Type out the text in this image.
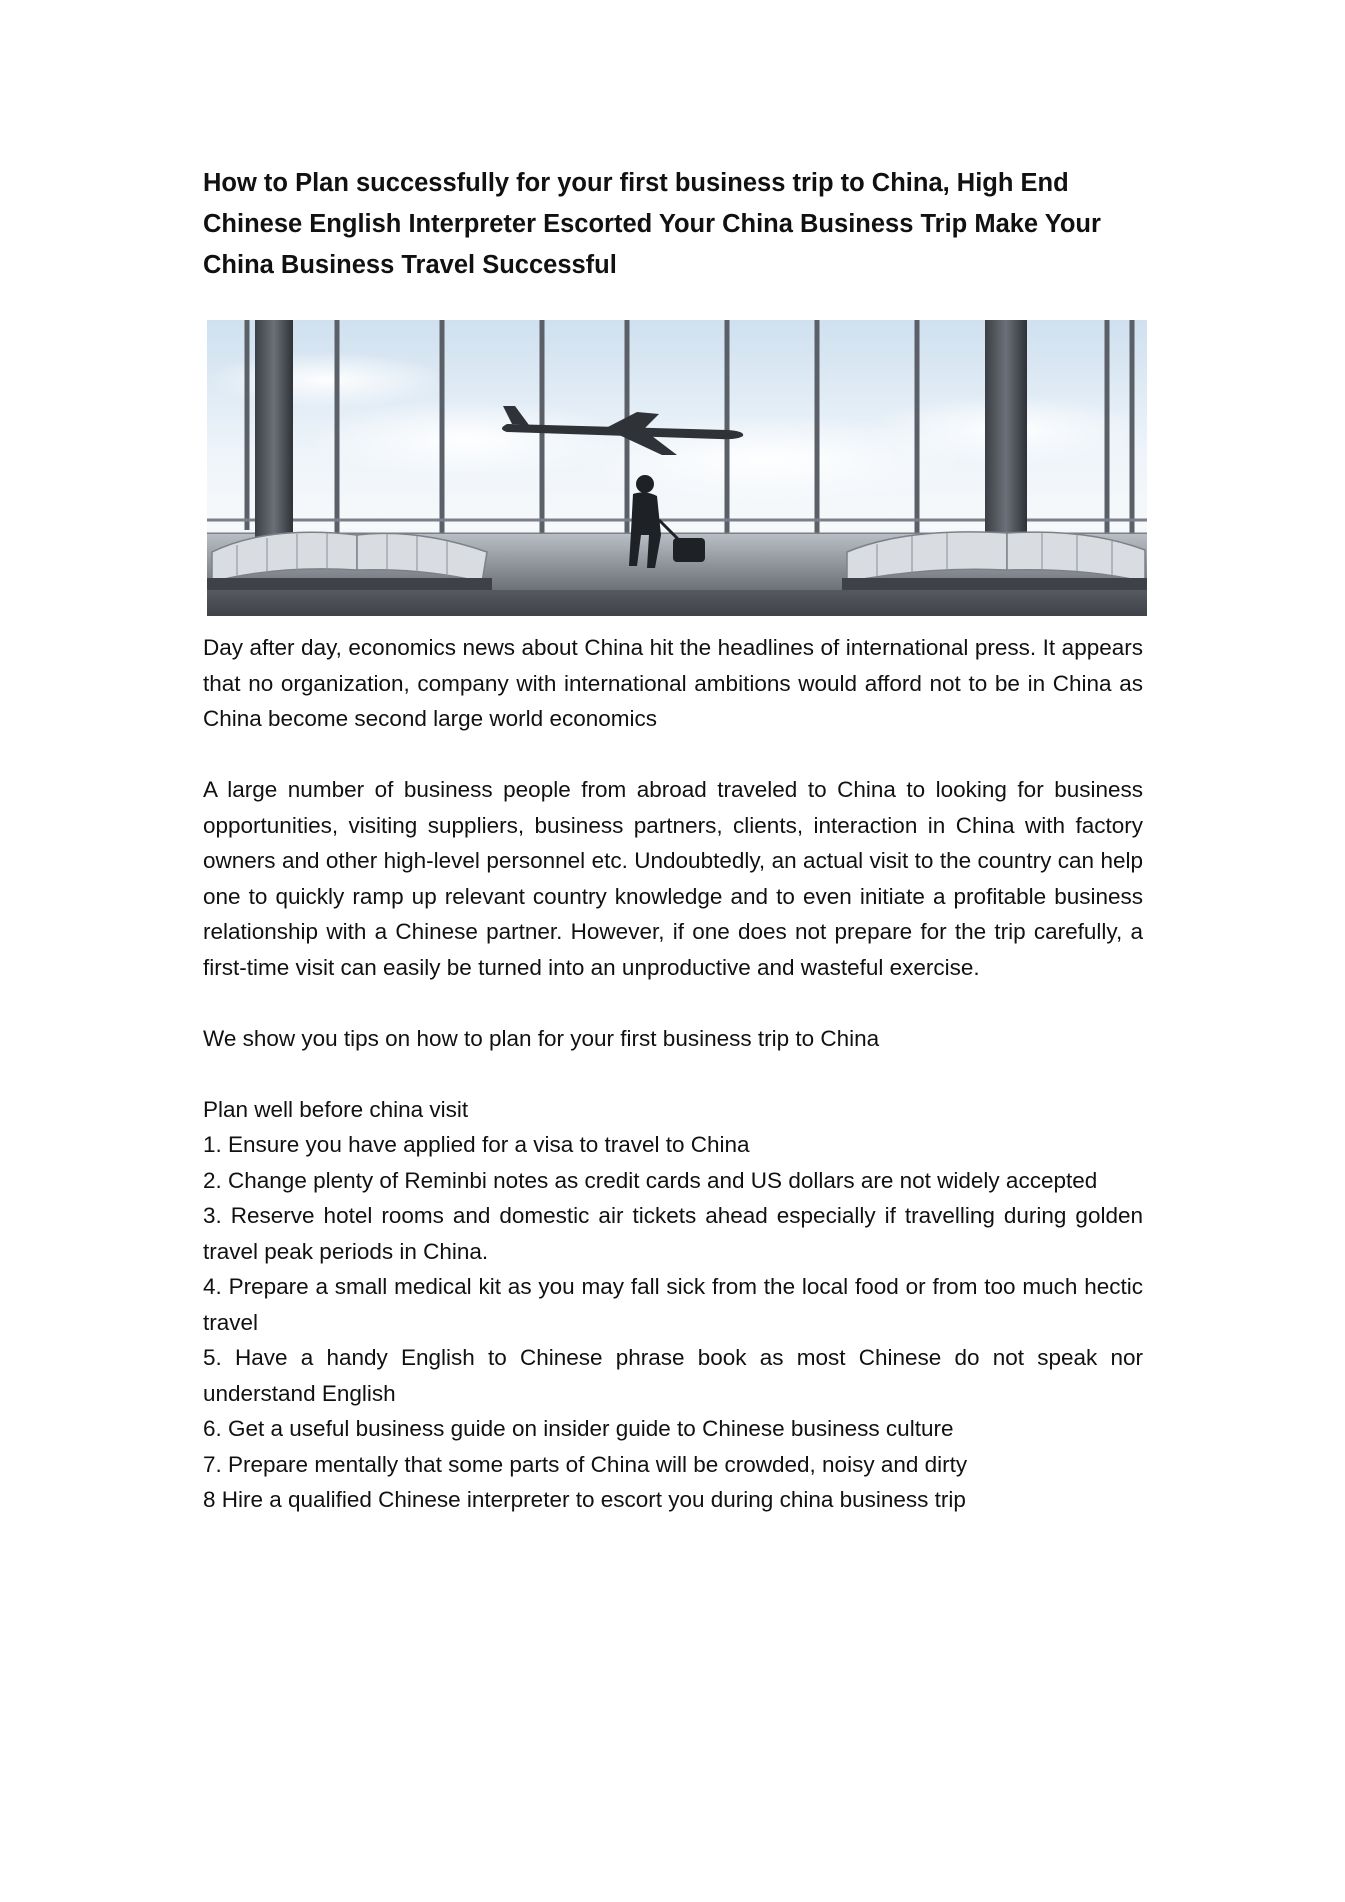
How to Plan successfully for your first business trip to China, High End Chinese English Interpreter Escorted Your China Business Trip Make Your China Business Travel Successful

Day after day, economics news about China hit the headlines of international press. It appears that no organization, company with international ambitions would afford not to be in China as China become second large world economics

A large number of business people from abroad traveled to China to looking for business opportunities, visiting suppliers, business partners, clients, interaction in China with factory owners and other high-level personnel etc. Undoubtedly, an actual visit to the country can help one to quickly ramp up relevant country knowledge and to even initiate a profitable business relationship with a Chinese partner. However, if one does not prepare for the trip carefully, a first-time visit can easily be turned into an unproductive and wasteful exercise.

We show you tips on how to plan for your first business trip to China

Plan well before china visit
1. Ensure you have applied for a visa to travel to China
2. Change plenty of Reminbi notes as credit cards and US dollars are not widely accepted
3. Reserve hotel rooms and domestic air tickets ahead especially if travelling during golden travel peak periods in China.
4. Prepare a small medical kit as you may fall sick from the local food or from too much hectic travel
5. Have a handy English to Chinese phrase book as most Chinese do not speak nor understand English
6. Get a useful business guide on insider guide to Chinese business culture
7. Prepare mentally that some parts of China will be crowded, noisy and dirty
8 Hire a qualified Chinese interpreter to escort you during china business trip
